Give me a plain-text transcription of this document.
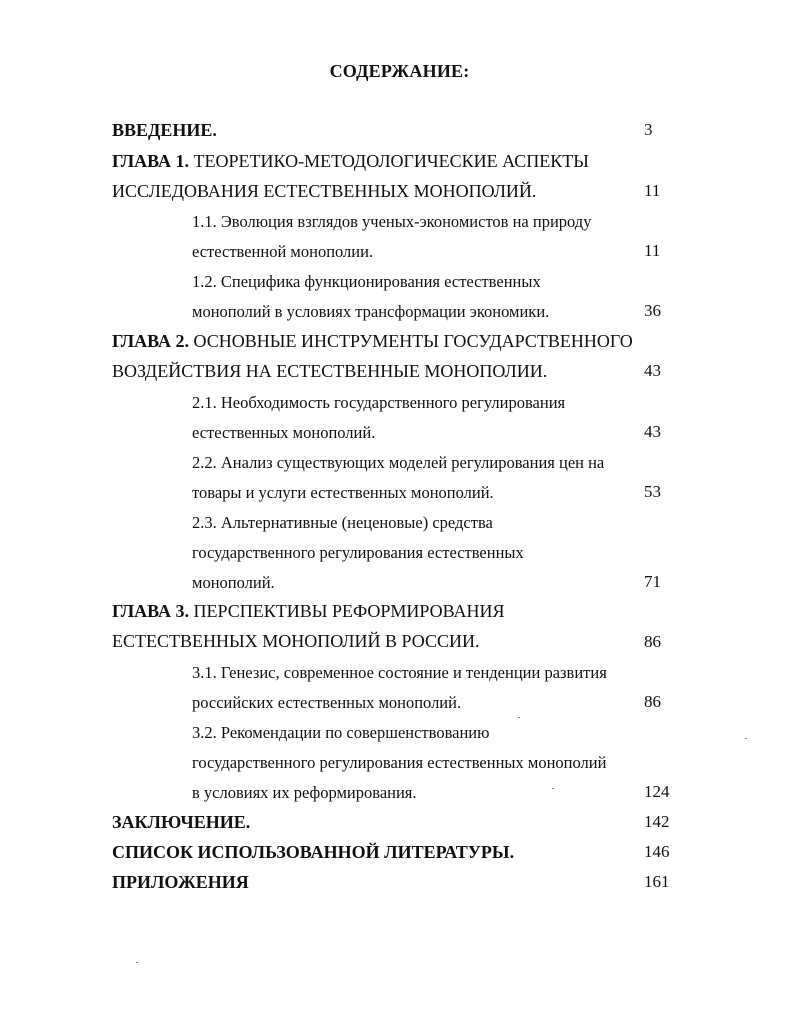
СОДЕРЖАНИЕ:
ВВЕДЕНИЕ.	3
ГЛАВА 1. ТЕОРЕТИКО-МЕТОДОЛОГИЧЕСКИЕ АСПЕКТЫ
ИССЛЕДОВАНИЯ ЕСТЕСТВЕННЫХ МОНОПОЛИЙ.	11
1.1. Эволюция взглядов ученых-экономистов на природу
естественной монополии.	11
1.2. Специфика функционирования естественных
монополий в условиях трансформации экономики.	36
ГЛАВА 2. ОСНОВНЫЕ ИНСТРУМЕНТЫ ГОСУДАРСТВЕННОГО
ВОЗДЕЙСТВИЯ НА ЕСТЕСТВЕННЫЕ МОНОПОЛИИ.	43
2.1. Необходимость государственного регулирования
естественных монополий.	43
2.2. Анализ существующих моделей регулирования цен на
товары и услуги естественных монополий.	53
2.3. Альтернативные (неценовые) средства
государственного регулирования естественных
монополий.	71
ГЛАВА 3. ПЕРСПЕКТИВЫ РЕФОРМИРОВАНИЯ
ЕСТЕСТВЕННЫХ МОНОПОЛИЙ В РОССИИ.	86
3.1. Генезис, современное состояние и тенденции развития
российских естественных монополий.	86
3.2. Рекомендации по совершенствованию
государственного регулирования естественных монополий
в условиях их реформирования.	124
ЗАКЛЮЧЕНИЕ.	142
СПИСОК ИСПОЛЬЗОВАННОЙ ЛИТЕРАТУРЫ.	146
ПРИЛОЖЕНИЯ	161
